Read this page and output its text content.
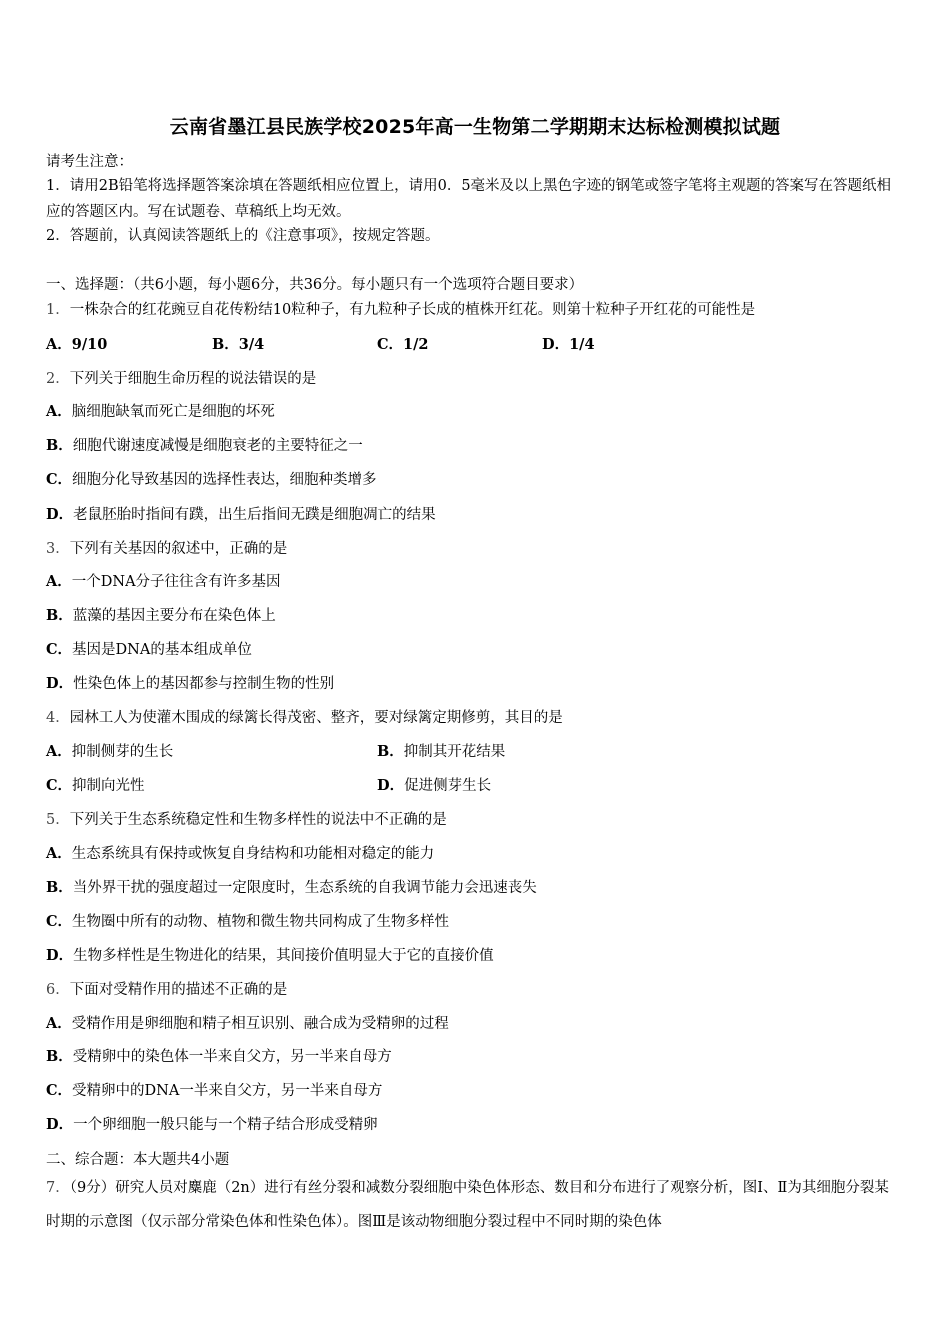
云南省墨江县民族学校2025年高一生物第二学期期末达标检测模拟试题
请考生注意：
1．请用2B铅笔将选择题答案涂填在答题纸相应位置上，请用0．5毫米及以上黑色字迹的钢笔或签字笔将主观题的答案写在答题纸相应的答题区内。写在试题卷、草稿纸上均无效。
2．答题前，认真阅读答题纸上的《注意事项》，按规定答题。
一、选择题：（共6小题，每小题6分，共36分。每小题只有一个选项符合题目要求）
1．一株杂合的红花豌豆自花传粉结10粒种子，有九粒种子长成的植株开红花。则第十粒种子开红花的可能性是
A．9/10	B．3/4	C．1/2	D．1/4
2．下列关于细胞生命历程的说法错误的是
A．脑细胞缺氧而死亡是细胞的坏死
B．细胞代谢速度减慢是细胞衰老的主要特征之一
C．细胞分化导致基因的选择性表达，细胞种类增多
D．老鼠胚胎时指间有蹼，出生后指间无蹼是细胞凋亡的结果
3．下列有关基因的叙述中，正确的是
A．一个DNA分子往往含有许多基因
B．蓝藻的基因主要分布在染色体上
C．基因是DNA的基本组成单位
D．性染色体上的基因都参与控制生物的性别
4．园林工人为使灌木围成的绿篱长得茂密、整齐，要对绿篱定期修剪，其目的是
A．抑制侧芽的生长	B．抑制其开花结果
C．抑制向光性	D．促进侧芽生长
5．下列关于生态系统稳定性和生物多样性的说法中不正确的是
A．生态系统具有保持或恢复自身结构和功能相对稳定的能力
B．当外界干扰的强度超过一定限度时，生态系统的自我调节能力会迅速丧失
C．生物圈中所有的动物、植物和微生物共同构成了生物多样性
D．生物多样性是生物进化的结果，其间接价值明显大于它的直接价值
6．下面对受精作用的描述不正确的是
A．受精作用是卵细胞和精子相互识别、融合成为受精卵的过程
B．受精卵中的染色体一半来自父方，另一半来自母方
C．受精卵中的DNA一半来自父方，另一半来自母方
D．一个卵细胞一般只能与一个精子结合形成受精卵
二、综合题：本大题共4小题
7．（9分）研究人员对麋鹿（2n）进行有丝分裂和减数分裂细胞中染色体形态、数目和分布进行了观察分析，图Ⅰ、Ⅱ为其细胞分裂某时期的示意图（仅示部分常染色体和性染色体）。图Ⅲ是该动物细胞分裂过程中不同时期的染色体
